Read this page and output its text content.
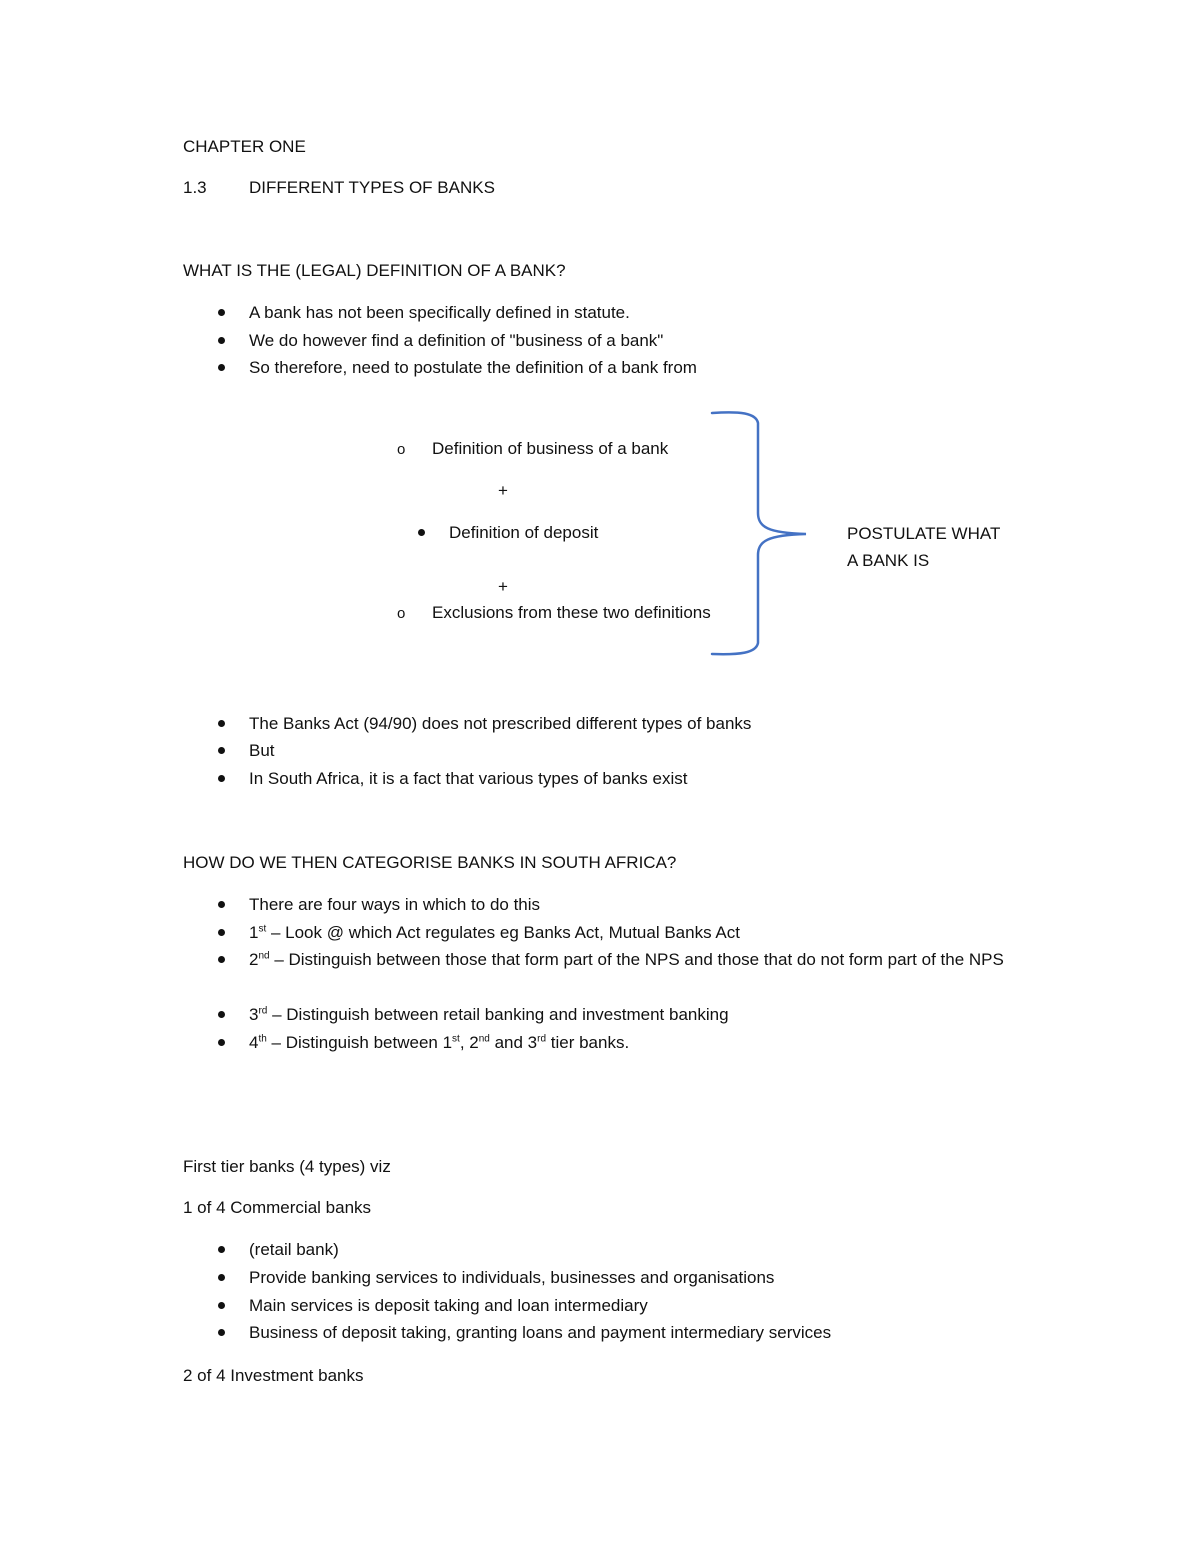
CHAPTER ONE
1.3 DIFFERENT TYPES OF BANKS
WHAT IS THE (LEGAL) DEFINITION OF A BANK?
A bank has not been specifically defined in statute.
We do however find a definition of "business of a bank"
So therefore, need to postulate the definition of a bank from
o Definition of business of a bank
+
Definition of deposit
+
o Exclusions from these two definitions
POSTULATE WHAT
A BANK IS
The Banks Act (94/90) does not prescribed different types of banks
But
In South Africa, it is a fact that various types of banks exist
HOW DO WE THEN CATEGORISE BANKS IN SOUTH AFRICA?
There are four ways in which to do this
1st – Look @ which Act regulates eg Banks Act, Mutual Banks Act
2nd – Distinguish between those that form part of the NPS and those that do not form part of the NPS
3rd – Distinguish between retail banking and investment banking
4th – Distinguish between 1st, 2nd and 3rd tier banks.
First tier banks (4 types) viz
1 of 4 Commercial banks
(retail bank)
Provide banking services to individuals, businesses and organisations
Main services is deposit taking and loan intermediary
Business of deposit taking, granting loans and payment intermediary services
2 of 4 Investment banks
